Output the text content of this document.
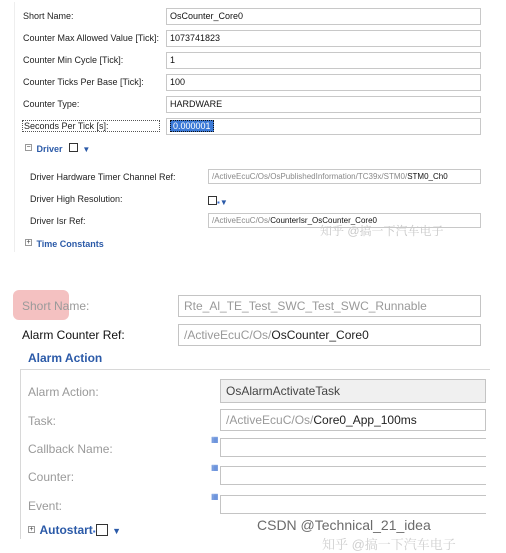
Short Name:	OsCounter_Core0
Counter Max Allowed Value [Tick]:	1073741823
Counter Min Cycle [Tick]:	1
Counter Ticks Per Base [Tick]:	100
Counter Type:	HARDWARE
Seconds Per Tick [s]:	0.000001
− Driver ▼
Driver Hardware Timer Channel Ref:	/ActiveEcuC/Os/OsPublishedInformation/TC39x/STM0/STM0_Ch0
Driver High Resolution:	▪▼
Driver Isr Ref:	/ActiveEcuC/Os/CounterIsr_OsCounter_Core0
知乎 @搞一下汽车电子
+ Time Constants
Short Name:	Rte_Al_TE_Test_SWC_Test_SWC_Runnable
Alarm Counter Ref:	/ActiveEcuC/Os/OsCounter_Core0
Alarm Action
Alarm Action:	OsAlarmActivateTask
Task:	/ActiveEcuC/Os/Core0_App_100ms
Callback Name:
▦
Counter:
▦
Event:
▦
+ Autostart▪ ▼	CSDN @Technical_21_idea
知乎 @搞一下汽车电子
